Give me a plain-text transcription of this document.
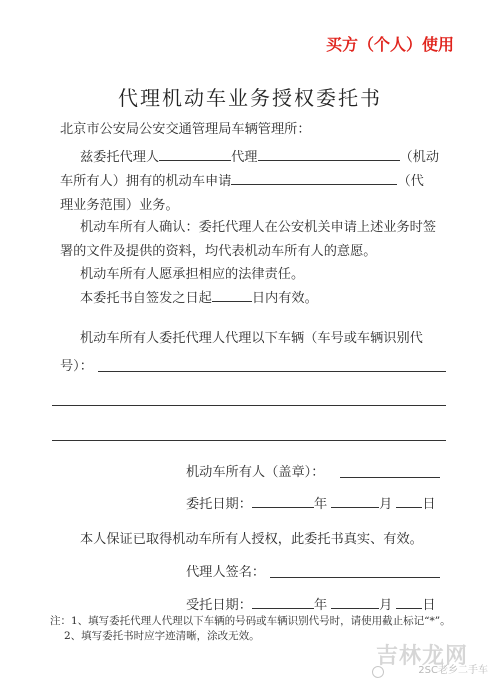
买方（个人）使用
代理机动车业务授权委托书
北京市公安局公安交通管理局车辆管理所：
兹委托代理人	代理	（机动
车所有人）拥有的机动车申请	（代
理业务范围）业务。
机动车所有人确认：委托代理人在公安机关申请上述业务时签
署的文件及提供的资料，均代表机动车所有人的意愿。
机动车所有人愿承担相应的法律责任。
本委托书自签发之日起	日内有效。
机动车所有人委托代理人代理以下车辆（车号或车辆识别代
号）：
机动车所有人（盖章）：
委托日期：	年	月 日
本人保证已取得机动车所有人授权，此委托书真实、有效。
代理人签名：
受托日期：	年	月 日
注：1、填写委托代理人代理以下车辆的号码或车辆识别代号时，请使用截止标记“*”。
2、填写委托书时应字迹清晰，涂改无效。
吉林龙网
2SC老乡二手车
